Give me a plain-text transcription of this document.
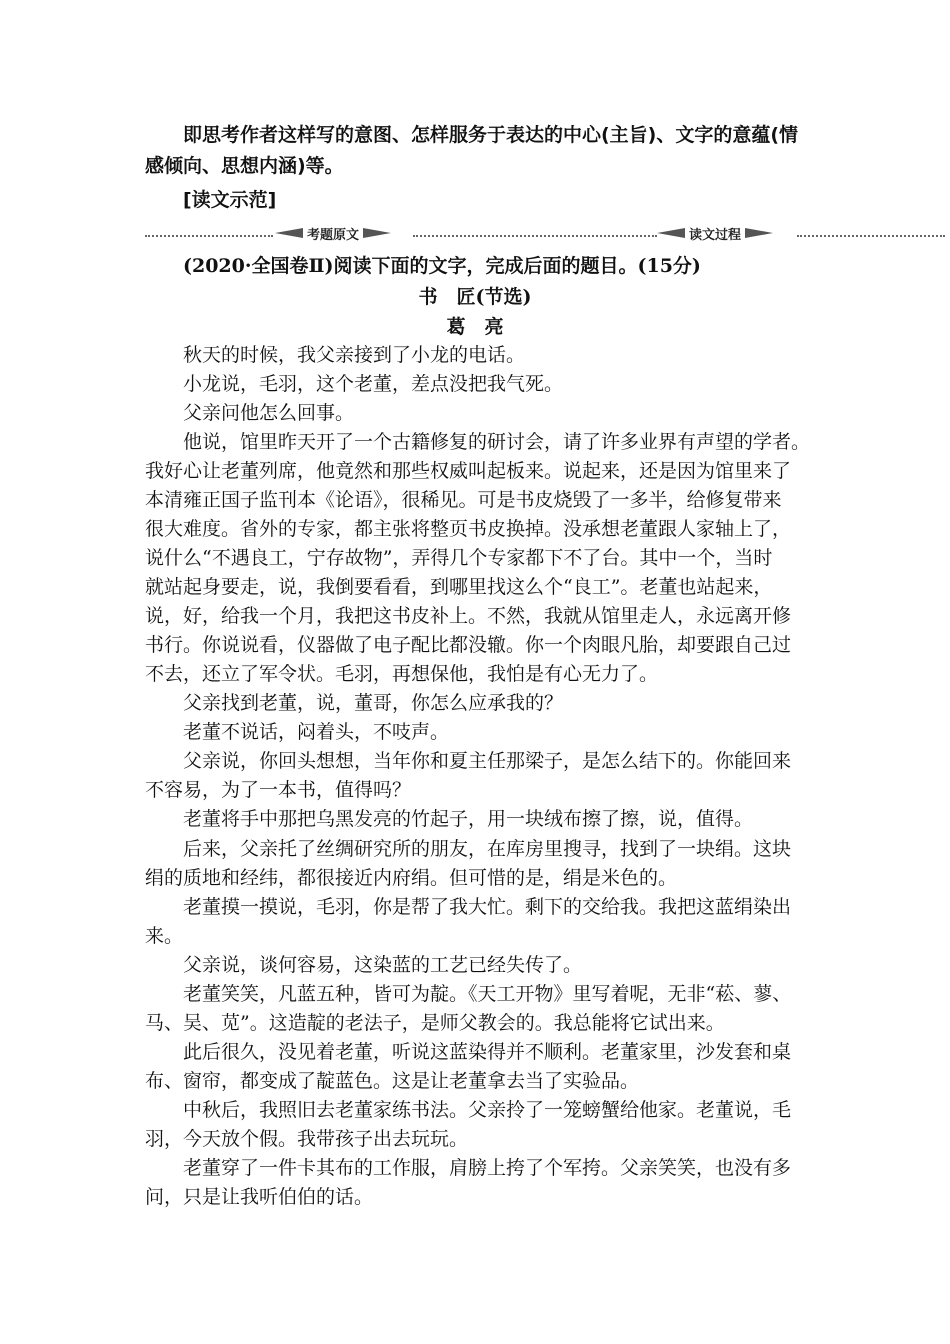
即思考作者这样写的意图、怎样服务于表达的中心(主旨)、文字的意蕴(情
感倾向、思想内涵)等。
[读文示范]
考题原文	读文过程
(2020·全国卷Ⅱ)阅读下面的文字，完成后面的题目。(15分)
书　匠(节选)
葛　亮
秋天的时候，我父亲接到了小龙的电话。
小龙说，毛羽，这个老董，差点没把我气死。
父亲问他怎么回事。
他说，馆里昨天开了一个古籍修复的研讨会，请了许多业界有声望的学者。
我好心让老董列席，他竟然和那些权威叫起板来。说起来，还是因为馆里来了
本清雍正国子监刊本《论语》，很稀见。可是书皮烧毁了一多半，给修复带来
很大难度。省外的专家，都主张将整页书皮换掉。没承想老董跟人家轴上了，
说什么“不遇良工，宁存故物”，弄得几个专家都下不了台。其中一个，当时
就站起身要走，说，我倒要看看，到哪里找这么个“良工”。老董也站起来，
说，好，给我一个月，我把这书皮补上。不然，我就从馆里走人，永远离开修
书行。你说说看，仪器做了电子配比都没辙。你一个肉眼凡胎，却要跟自己过
不去，还立了军令状。毛羽，再想保他，我怕是有心无力了。
父亲找到老董，说，董哥，你怎么应承我的？
老董不说话，闷着头，不吱声。
父亲说，你回头想想，当年你和夏主任那梁子，是怎么结下的。你能回来
不容易，为了一本书，值得吗？
老董将手中那把乌黑发亮的竹起子，用一块绒布擦了擦，说，值得。
后来，父亲托了丝绸研究所的朋友，在库房里搜寻，找到了一块绢。这块
绢的质地和经纬，都很接近内府绢。但可惜的是，绢是米色的。
老董摸一摸说，毛羽，你是帮了我大忙。剩下的交给我。我把这蓝绢染出
来。
父亲说，谈何容易，这染蓝的工艺已经失传了。
老董笑笑，凡蓝五种，皆可为靛。《天工开物》里写着呢，无非“菘、蓼、
马、吴、苋”。这造靛的老法子，是师父教会的。我总能将它试出来。
此后很久，没见着老董，听说这蓝染得并不顺利。老董家里，沙发套和桌
布、窗帘，都变成了靛蓝色。这是让老董拿去当了实验品。
中秋后，我照旧去老董家练书法。父亲拎了一笼螃蟹给他家。老董说，毛
羽，今天放个假。我带孩子出去玩玩。
老董穿了一件卡其布的工作服，肩膀上挎了个军挎。父亲笑笑，也没有多
问，只是让我听伯伯的话。
